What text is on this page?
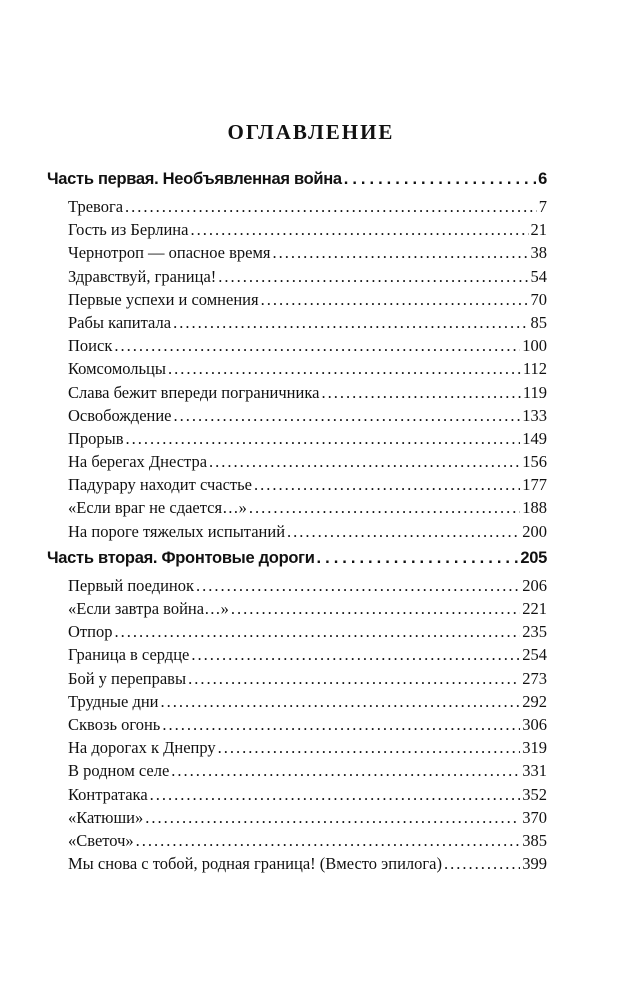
ОГЛАВЛЕНИЕ
Часть первая. Необъявленная война .....	6
Тревога .....	7
Гость из Берлина .....	21
Чернотроп — опасное время .....	38
Здравствуй, граница! .....	54
Первые успехи и сомнения .....	70
Рабы капитала .....	85
Поиск .....	100
Комсомольцы .....	112
Слава бежит впереди пограничника .....	119
Освобождение .....	133
Прорыв .....	149
На берегах Днестра .....	156
Падурару находит счастье .....	177
«Если враг не сдается…» .....	188
На пороге тяжелых испытаний .....	200
Часть вторая. Фронтовые дороги .....	205
Первый поединок .....	206
«Если завтра война…» .....	221
Отпор .....	235
Граница в сердце .....	254
Бой у переправы .....	273
Трудные дни .....	292
Сквозь огонь .....	306
На дорогах к Днепру .....	319
В родном селе .....	331
Контратака .....	352
«Катюши» .....	370
«Светоч» .....	385
Мы снова с тобой, родная граница! (Вместо эпилога) .....	399
